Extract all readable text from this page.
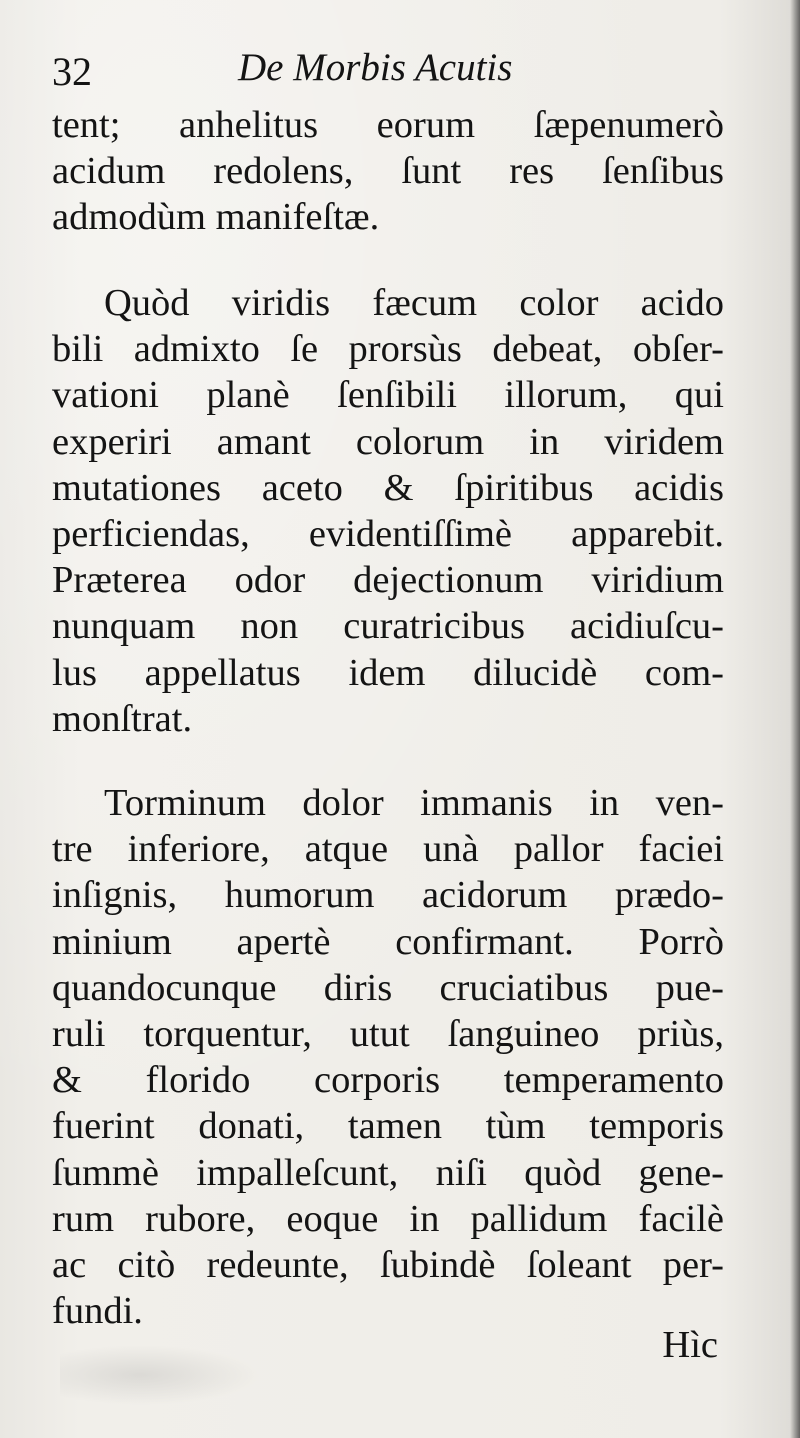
32	De Morbis Acutis
tent; anhelitus eorum ſæpenumerò
acidum redolens, ſunt res ſenſibus
admodùm manifeſtæ.
Quòd viridis fæcum color acido
bili admixto ſe prorsùs debeat, obſer-
vationi planè ſenſibili illorum, qui
experiri amant colorum in viridem
mutationes aceto & ſpiritibus acidis
perficiendas, evidentiſſimè apparebit.
Præterea odor dejectionum viridium
nunquam non curatricibus acidiuſcu-
lus appellatus idem dilucidè com-
monſtrat.
Torminum dolor immanis in ven-
tre inferiore, atque unà pallor faciei
inſignis, humorum acidorum prædo-
minium apertè confirmant. Porrò
quandocunque diris cruciatibus pue-
ruli torquentur, utut ſanguineo priùs,
& florido corporis temperamento
fuerint donati, tamen tùm temporis
ſummè impalleſcunt, niſi quòd gene-
rum rubore, eoque in pallidum facilè
ac citò redeunte, ſubindè ſoleant per-
fundi.
Hìc
